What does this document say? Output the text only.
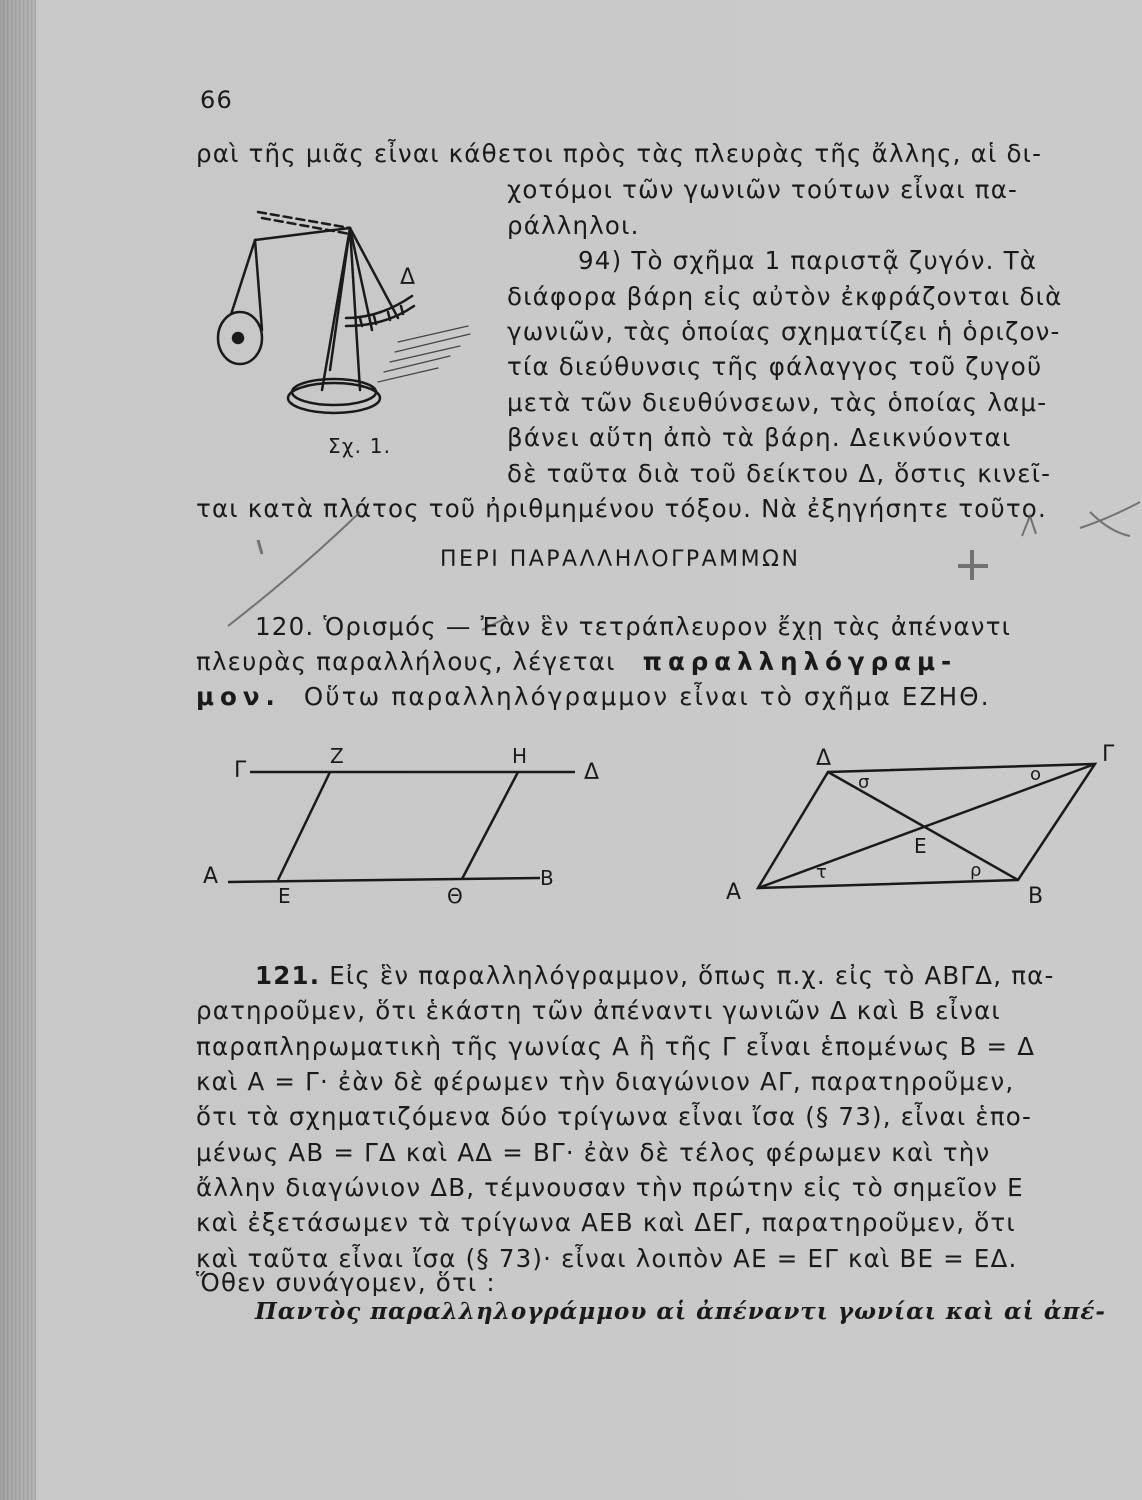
66
ραὶ τῆς μιᾶς εἶναι κάθετοι πρὸς τὰς πλευρὰς τῆς ἄλλης, αἱ δι-
χοτόμοι τῶν γωνιῶν τούτων εἶναι πα-
ράλληλοι.
94) Τὸ σχῆμα 1 παριστᾷ ζυγόν. Τὰ
διάφορα βάρη εἰς αὐτὸν ἐκφράζονται διὰ
γωνιῶν, τὰς ὁποίας σχηματίζει ἡ ὁριζον-
τία διεύθυνσις τῆς φάλαγγος τοῦ ζυγοῦ
μετὰ τῶν διευθύνσεων, τὰς ὁποίας λαμ-
βάνει αὕτη ἀπὸ τὰ βάρη. Δεικνύονται
δὲ ταῦτα διὰ τοῦ δείκτου Δ, ὅστις κινεῖ-
ται κατὰ πλάτος τοῦ ἠριθμημένου τόξου. Νὰ ἐξηγήσητε τοῦτο.
Σχ. 1.
Δ
Γ
Z	H
Δ
A
Ε	Θ
B
Δ	Γ
A	B
Ε
σ	ο
τ	ρ
ΠΕΡΙ ΠΑΡΑΛΛΗΛΟΓΡΑΜΜΩΝ
120. Ὁρισμός — Ἐὰν ἓν τετράπλευρον ἔχῃ τὰς ἀπέναντι
πλευρὰς παραλλήλους, λέγεται παραλληλόγραμ-
μον. Οὕτω παραλληλόγραμμον εἶναι τὸ σχῆμα ΕΖΗΘ.
121. Εἰς ἓν παραλληλόγραμμον, ὅπως π.χ. εἰς τὸ ΑΒΓΔ, πα-
ρατηροῦμεν, ὅτι ἑκάστη τῶν ἀπέναντι γωνιῶν Δ καὶ Β εἶναι
παραπληρωματικὴ τῆς γωνίας Α ἢ τῆς Γ εἶναι ἑπομένως Β = Δ
καὶ Α = Γ· ἐὰν δὲ φέρωμεν τὴν διαγώνιον ΑΓ, παρατηροῦμεν,
ὅτι τὰ σχηματιζόμενα δύο τρίγωνα εἶναι ἴσα (§ 73), εἶναι ἑπο-
μένως ΑΒ = ΓΔ καὶ ΑΔ = ΒΓ· ἐὰν δὲ τέλος φέρωμεν καὶ τὴν
ἄλλην διαγώνιον ΔΒ, τέμνουσαν τὴν πρώτην εἰς τὸ σημεῖον Ε
καὶ ἐξετάσωμεν τὰ τρίγωνα ΑΕΒ καὶ ΔΕΓ, παρατηροῦμεν, ὅτι
καὶ ταῦτα εἶναι ἴσα (§ 73)· εἶναι λοιπὸν ΑΕ = ΕΓ καὶ ΒΕ = ΕΔ.
Ὅθεν συνάγομεν, ὅτι :
Παντὸς παραλληλογράμμου αἱ ἀπέναντι γωνίαι καὶ αἱ ἀπέ-
